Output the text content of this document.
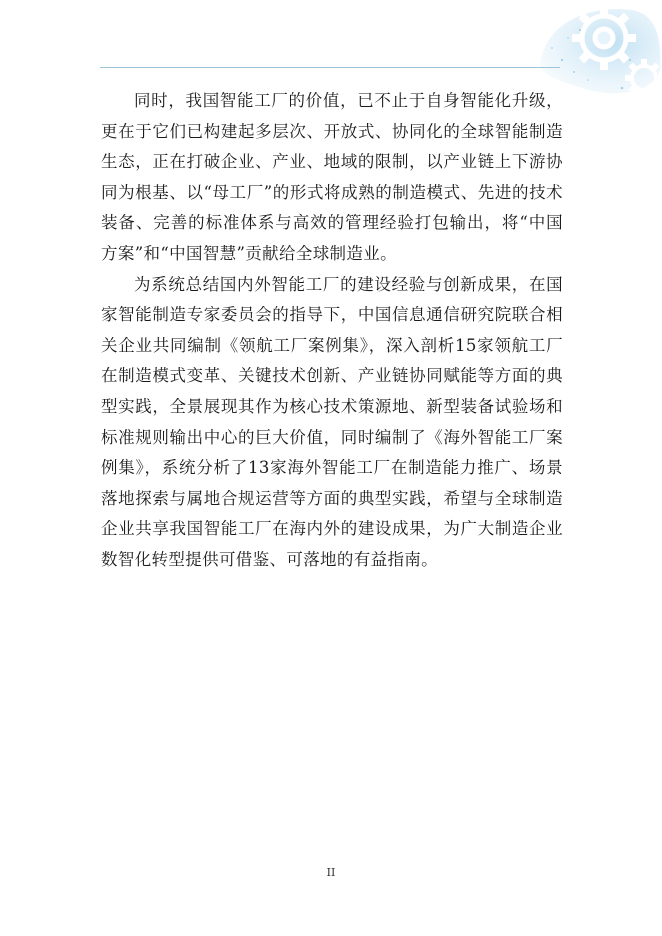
同时，我国智能工厂的价值，已不止于自身智能化升级，更在于它们已构建起多层次、开放式、协同化的全球智能制造生态，正在打破企业、产业、地域的限制，以产业链上下游协同为根基、以“母工厂”的形式将成熟的制造模式、先进的技术装备、完善的标准体系与高效的管理经验打包输出，将“中国方案”和“中国智慧”贡献给全球制造业。

为系统总结国内外智能工厂的建设经验与创新成果，在国家智能制造专家委员会的指导下，中国信息通信研究院联合相关企业共同编制《领航工厂案例集》，深入剖析15家领航工厂在制造模式变革、关键技术创新、产业链协同赋能等方面的典型实践，全景展现其作为核心技术策源地、新型装备试验场和标准规则输出中心的巨大价值，同时编制了《海外智能工厂案例集》，系统分析了13家海外智能工厂在制造能力推广、场景落地探索与属地合规运营等方面的典型实践，希望与全球制造企业共享我国智能工厂在海内外的建设成果，为广大制造企业数智化转型提供可借鉴、可落地的有益指南。

II
